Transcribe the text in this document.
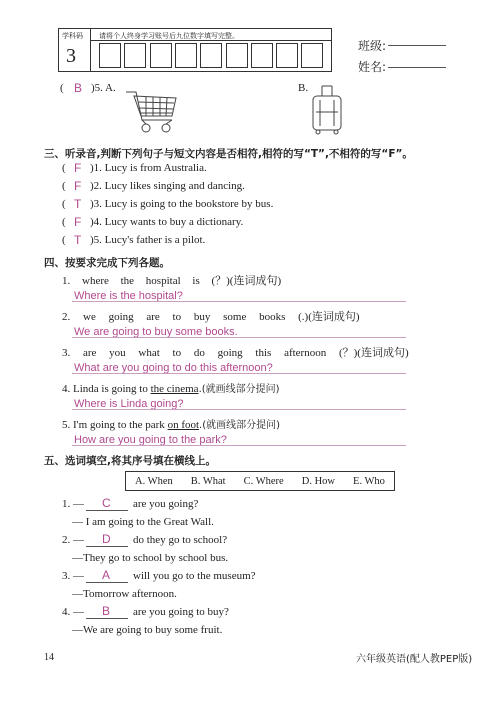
学科码 请将个人终身学习账号后九位数字填写完整。
3	班级:
姓名:
( B )5. A.	B.
三、听录音,判断下列句子与短文内容是否相符,相符的写“T”,不相符的写“F”。
( F )1. Lucy is from Australia.
( F )2. Lucy likes singing and dancing.
( T )3. Lucy is going to the bookstore by bus.
( F )4. Lucy wants to buy a dictionary.
( T )5. Lucy's father is a pilot.
四、按要求完成下列各题。
1. where the hospital is (？)(连词成句)
Where is the hospital?
2. we going are to buy some books (.)(连词成句)
We are going to buy some books.
3. are you what to do going this afternoon (？)(连词成句)
What are you going to do this afternoon?
4. Linda is going to the cinema.(就画线部分提问)
Where is Linda going?
5. I'm going to the park on foot.(就画线部分提问)
How are you going to the park?
五、选词填空,将其序号填在横线上。
A. When B. What C. Where D. How E. Who
1. — C are you going?
— I am going to the Great Wall.
2. — D do they go to school?
—They go to school by school bus.
3. — A will you go to the museum?
—Tomorrow afternoon.
4. — B are you going to buy?
—We are going to buy some fruit.
14	六年级英语(配人教PEP版)
